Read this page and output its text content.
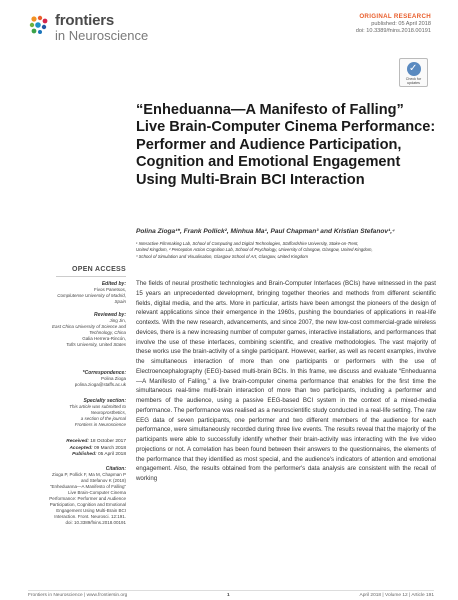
frontiers
in Neuroscience
ORIGINAL RESEARCH
published: 05 April 2018
doi: 10.3389/fnins.2018.00191
✓
Check for
updates
“Enheduanna—A Manifesto of Falling” Live Brain-Computer Cinema Performance: Performer and Audience Participation, Cognition and Emotional Engagement Using Multi-Brain BCI Interaction
Polina Zioga¹*, Frank Pollick², Minhua Ma¹, Paul Chapman³ and Kristian Stefanov¹,⁴
¹ Interactive Filmmaking Lab, School of Computing and Digital Technologies, Staffordshire University, Stoke-on-Trent,
United Kingdom, ² Perception Action Cognition Lab, School of Psychology, University of Glasgow, Glasgow, United Kingdom,
³ School of Simulation and Visualisation, Glasgow School of Art, Glasgow, United Kingdom
OPEN ACCESS
Edited by:
Fivos Panetsos,
Complutense University of Madrid,
Spain
Reviewed by:
Jing Jin,
East China University of Science and
Technology, China
Galia Herrera-Rincón,
Tufts University, United States
*Correspondence:
Polina Zioga
polina.zioga@staffs.ac.uk
Specialty section:
This article was submitted to
Neuroprosthetics,
a section of the journal
Frontiers in Neuroscience
Received: 18 October 2017
Accepted: 09 March 2018
Published: 05 April 2018
Citation:
Zioga P, Pollick F, Ma M, Chapman P
and Stefanov K (2018)
“Enheduanna—A Manifesto of Falling”
Live Brain-Computer Cinema
Performance: Performer and Audience
Participation, Cognition and Emotional
Engagement Using Multi-Brain BCI
Interaction. Front. Neurosci. 12:191.
doi: 10.3389/fnins.2018.00191
The fields of neural prosthetic technologies and Brain-Computer Interfaces (BCIs) have witnessed in the past 15 years an unprecedented development, bringing together theories and methods from different scientific fields, digital media, and the arts. More in particular, artists have been amongst the pioneers of the design of relevant applications since their emergence in the 1960s, pushing the boundaries of applications in real-life contexts. With the new research, advancements, and since 2007, the new low-cost commercial-grade wireless devices, there is a new increasing number of computer games, interactive installations, and performances that involve the use of these interfaces, combining scientific, and creative methodologies. The vast majority of these works use the brain-activity of a single participant. However, earlier, as well as recent examples, involve the simultaneous interaction of more than one participants or performers with the use of Electroencephalography (EEG)-based multi-brain BCIs. In this frame, we discuss and evaluate “Enheduanna—A Manifesto of Falling,” a live brain-computer cinema performance that enables for the first time the simultaneous real-time multi-brain interaction of more than two participants, including a performer and members of the audience, using a passive EEG-based BCI system in the context of a mixed-media performance. The performance was realised as a neuroscientific study conducted in a real-life setting. The raw EEG data of seven participants, one performer and two different members of the audience for each performance, were simultaneously recorded during three live events. The results reveal that the majority of the participants were able to successfully identify whether their brain-activity was interacting with the live video projections or not. A correlation has been found between their answers to the questionnaires, the elements of the performance that they identified as most special, and the audience's indicators of attention and emotional engagement. Also, the results obtained from the performer's data analysis are consistent with the recall of working
Frontiers in Neuroscience | www.frontiersin.org	1	April 2018 | Volume 12 | Article 191
